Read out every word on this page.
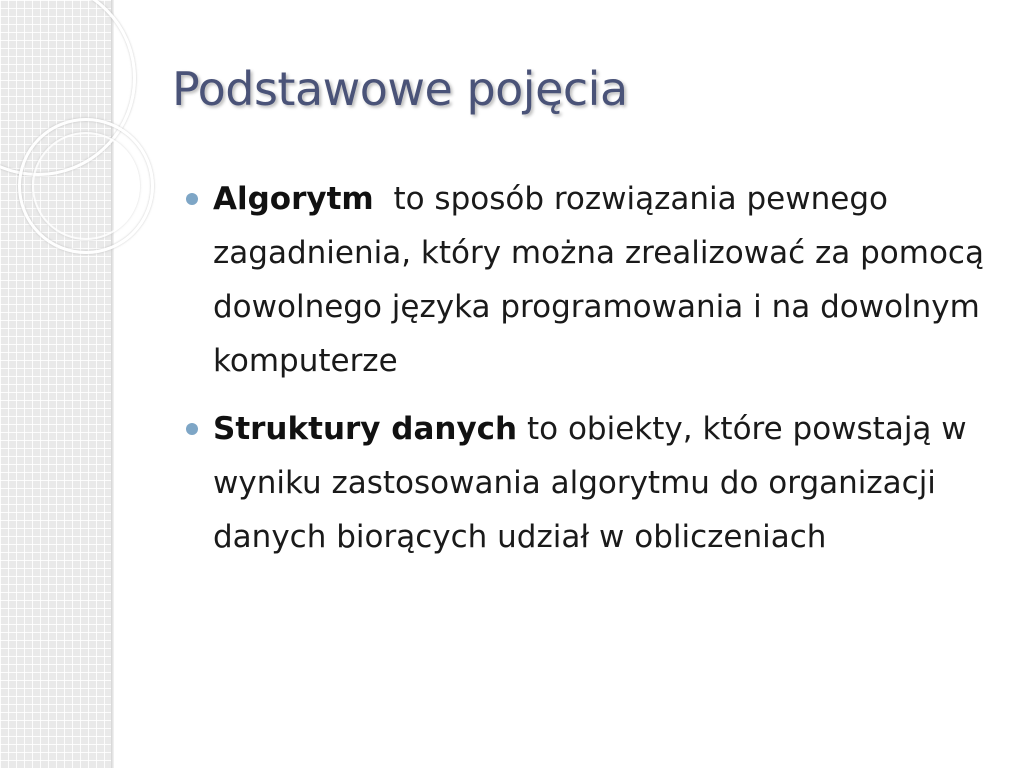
Podstawowe pojęcia
Algorytm  to sposób rozwiązania pewnego zagadnienia, który można zrealizować za pomocą dowolnego języka programowania i na dowolnym komputerze
Struktury danych to obiekty, które powstają w wyniku zastosowania algorytmu do organizacji danych biorących udział w obliczeniach
